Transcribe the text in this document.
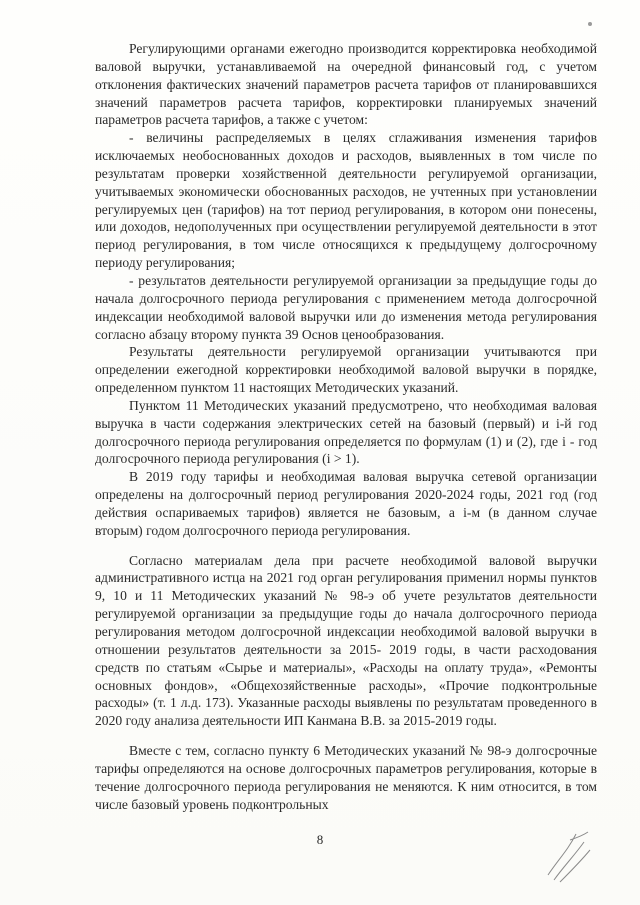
Регулирующими органами ежегодно производится корректировка необходимой валовой выручки, устанавливаемой на очередной финансовый год, с учетом отклонения фактических значений параметров расчета тарифов от планировавшихся значений параметров расчета тарифов, корректировки планируемых значений параметров расчета тарифов, а также с учетом:

- величины распределяемых в целях сглаживания изменения тарифов исключаемых необоснованных доходов и расходов, выявленных в том числе по результатам проверки хозяйственной деятельности регулируемой организации, учитываемых экономически обоснованных расходов, не учтенных при установлении регулируемых цен (тарифов) на тот период регулирования, в котором они понесены, или доходов, недополученных при осуществлении регулируемой деятельности в этот период регулирования, в том числе относящихся к предыдущему долгосрочному периоду регулирования;

- результатов деятельности регулируемой организации за предыдущие годы до начала долгосрочного периода регулирования с применением метода долгосрочной индексации необходимой валовой выручки или до изменения метода регулирования согласно абзацу второму пункта 39 Основ ценообразования.

Результаты деятельности регулируемой организации учитываются при определении ежегодной корректировки необходимой валовой выручки в порядке, определенном пунктом 11 настоящих Методических указаний.

Пунктом 11 Методических указаний предусмотрено, что необходимая валовая выручка в части содержания электрических сетей на базовый (первый) и i-й год долгосрочного периода регулирования определяется по формулам (1) и (2), где i - год долгосрочного периода регулирования (i > 1).

В 2019 году тарифы и необходимая валовая выручка сетевой организации определены на долгосрочный период регулирования 2020-2024 годы, 2021 год (год действия оспариваемых тарифов) является не базовым, а i-м (в данном случае вторым) годом долгосрочного периода регулирования.

Согласно материалам дела при расчете необходимой валовой выручки административного истца на 2021 год орган регулирования применил нормы пунктов 9, 10 и 11 Методических указаний № 98-э об учете результатов деятельности регулируемой организации за предыдущие годы до начала долгосрочного периода регулирования методом долгосрочной индексации необходимой валовой выручки в отношении результатов деятельности за 2015- 2019 годы, в части расходования средств по статьям «Сырье и материалы», «Расходы на оплату труда», «Ремонты основных фондов», «Общехозяйственные расходы», «Прочие подконтрольные расходы» (т. 1 л.д. 173). Указанные расходы выявлены по результатам проведенного в 2020 году анализа деятельности ИП Канмана В.В. за 2015-2019 годы.

Вместе с тем, согласно пункту 6 Методических указаний № 98-э долгосрочные тарифы определяются на основе долгосрочных параметров регулирования, которые в течение долгосрочного периода регулирования не меняются. К ним относится, в том числе базовый уровень подконтрольных

8
